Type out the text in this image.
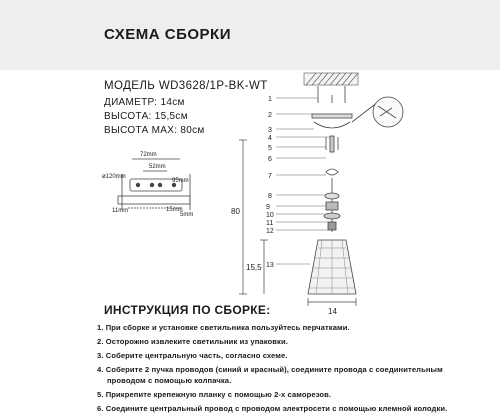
СХЕМА СБОРКИ
МОДЕЛЬ WD3628/1P-BK-WT
ДИАМЕТР: 14см
ВЫСОТА: 15,5см
ВЫСОТА MAX: 80см
72mm
52mm
ø120mm
95mm
11mm	15mm
5mm
1
2
3
4
5
6
7
8
9
10
11
12
13
80
15,5
14
ИНСТРУКЦИЯ ПО СБОРКЕ:
1. При сборке и установке светильника пользуйтесь перчатками.
2. Осторожно извлеките светильник из упаковки.
3. Соберите центральную часть, согласно схеме.
4. Соберите 2 пучка проводов (синий и красный), соедините провода с соединительным
проводом с помощью колпачка.
5. Прикрепите крепежную планку с помощью 2-х саморезов.
6. Соедините центральный провод с проводом электросети с помощью клемной колодки.
